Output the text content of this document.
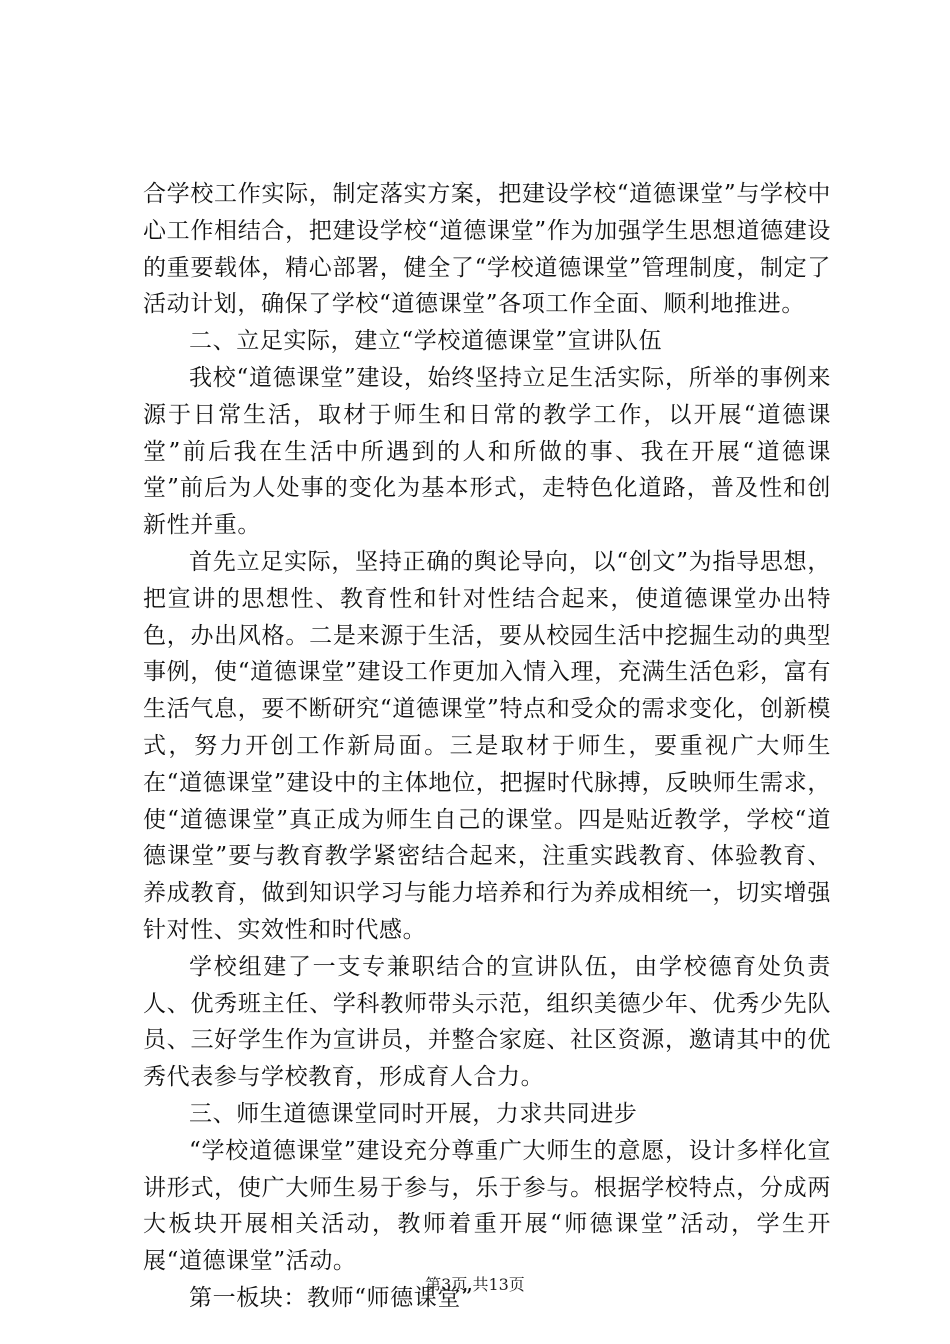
合学校工作实际，制定落实方案，把建设学校“道德课堂”与学校中心工作相结合，把建设学校“道德课堂”作为加强学生思想道德建设的重要载体，精心部署，健全了“学校道德课堂”管理制度，制定了活动计划，确保了学校“道德课堂”各项工作全面、顺利地推进。

二、立足实际，建立“学校道德课堂”宣讲队伍

我校“道德课堂”建设，始终坚持立足生活实际，所举的事例来源于日常生活，取材于师生和日常的教学工作，以开展“道德课堂”前后我在生活中所遇到的人和所做的事、我在开展“道德课堂”前后为人处事的变化为基本形式，走特色化道路，普及性和创新性并重。

首先立足实际，坚持正确的舆论导向，以“创文”为指导思想，把宣讲的思想性、教育性和针对性结合起来，使道德课堂办出特色，办出风格。二是来源于生活，要从校园生活中挖掘生动的典型事例，使“道德课堂”建设工作更加入情入理，充满生活色彩，富有生活气息，要不断研究“道德课堂”特点和受众的需求变化，创新模式，努力开创工作新局面。三是取材于师生，要重视广大师生在“道德课堂”建设中的主体地位，把握时代脉搏，反映师生需求，使“道德课堂”真正成为师生自己的课堂。四是贴近教学，学校“道德课堂”要与教育教学紧密结合起来，注重实践教育、体验教育、养成教育，做到知识学习与能力培养和行为养成相统一，切实增强针对性、实效性和时代感。

学校组建了一支专兼职结合的宣讲队伍，由学校德育处负责人、优秀班主任、学科教师带头示范，组织美德少年、优秀少先队员、三好学生作为宣讲员，并整合家庭、社区资源，邀请其中的优秀代表参与学校教育，形成育人合力。

三、师生道德课堂同时开展，力求共同进步

“学校道德课堂”建设充分尊重广大师生的意愿，设计多样化宣讲形式，使广大师生易于参与，乐于参与。根据学校特点，分成两大板块开展相关活动，教师着重开展“师德课堂”活动，学生开展“道德课堂”活动。

第一板块：教师“师德课堂”

第3页 共13页
